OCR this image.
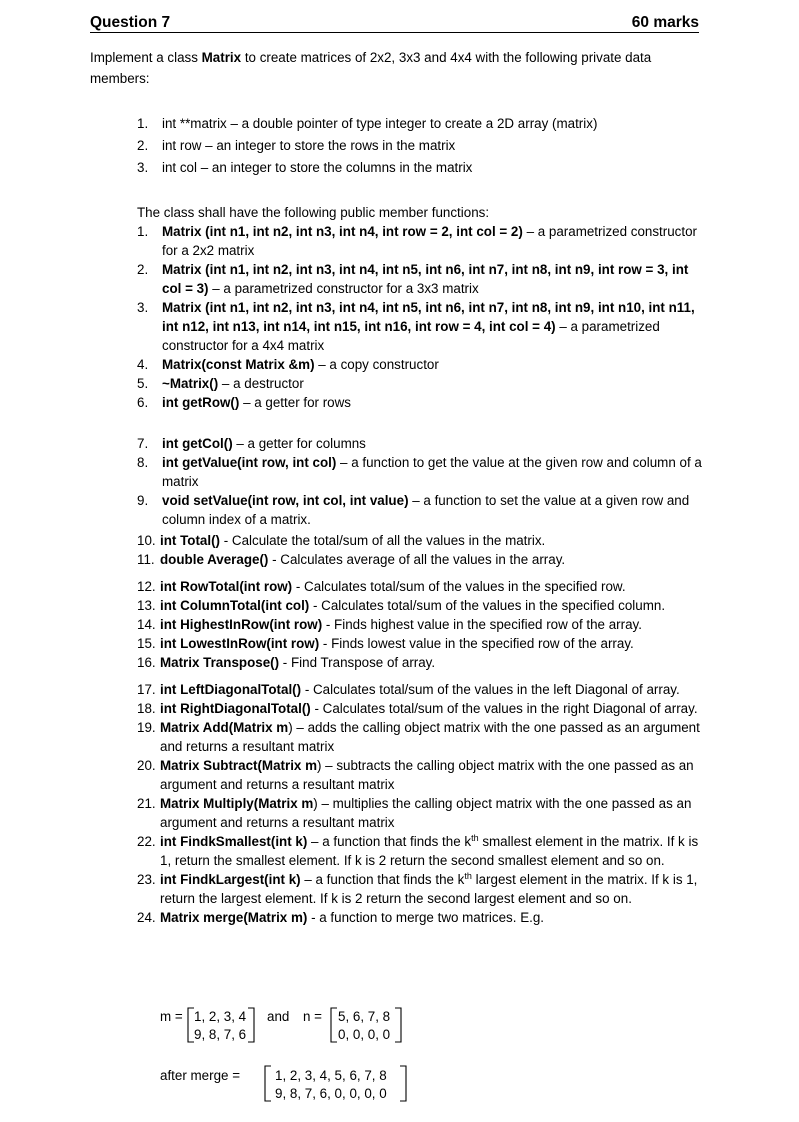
Question 7	60 marks
Implement a class Matrix to create matrices of 2x2, 3x3 and 4x4 with the following private data members:
1. int **matrix – a double pointer of type integer to create a 2D array (matrix)
2. int row – an integer to store the rows in the matrix
3. int col – an integer to store the columns in the matrix
The class shall have the following public member functions:
1. Matrix (int n1, int n2, int n3, int n4, int row = 2, int col = 2) – a parametrized constructor for a 2x2 matrix
2. Matrix (int n1, int n2, int n3, int n4, int n5, int n6, int n7, int n8, int n9, int row = 3, int col = 3) – a parametrized constructor for a 3x3 matrix
3. Matrix (int n1, int n2, int n3, int n4, int n5, int n6, int n7, int n8, int n9, int n10, int n11, int n12, int n13, int n14, int n15, int n16, int row = 4, int col = 4) – a parametrized constructor for a 4x4 matrix
4. Matrix(const Matrix &m) – a copy constructor
5. ~Matrix() – a destructor
6. int getRow() – a getter for rows
7. int getCol() – a getter for columns
8. int getValue(int row, int col) – a function to get the value at the given row and column of a matrix
9. void setValue(int row, int col, int value) – a function to set the value at a given row and column index of a matrix.
10. int Total() - Calculate the total/sum of all the values in the matrix.
11. double Average() - Calculates average of all the values in the array.
12. int RowTotal(int row) - Calculates total/sum of the values in the specified row.
13. int ColumnTotal(int col) - Calculates total/sum of the values in the specified column.
14. int HighestInRow(int row) - Finds highest value in the specified row of the array.
15. int LowestInRow(int row) - Finds lowest value in the specified row of the array.
16. Matrix Transpose() - Find Transpose of array.
17. int LeftDiagonalTotal() - Calculates total/sum of the values in the left Diagonal of array.
18. int RightDiagonalTotal() - Calculates total/sum of the values in the right Diagonal of array.
19. Matrix Add(Matrix m) – adds the calling object matrix with the one passed as an argument and returns a resultant matrix
20. Matrix Subtract(Matrix m) – subtracts the calling object matrix with the one passed as an argument and returns a resultant matrix
21. Matrix Multiply(Matrix m) – multiplies the calling object matrix with the one passed as an argument and returns a resultant matrix
22. int FindkSmallest(int k) – a function that finds the $k^{th}$ smallest element in the matrix. If k is 1, return the smallest element. If k is 2 return the second smallest element and so on.
23. int FindkLargest(int k) – a function that finds the $k^{th}$ largest element in the matrix. If k is 1, return the largest element. If k is 2 return the second largest element and so on.
24. Matrix merge(Matrix m) - a function to merge two matrices. E.g.
m = 1, 2, 3, 4
9, 8, 7, 6
and n = 5, 6, 7, 8
0, 0, 0, 0
after merge =	1, 2, 3, 4, 5, 6, 7, 8
9, 8, 7, 6, 0, 0, 0, 0
